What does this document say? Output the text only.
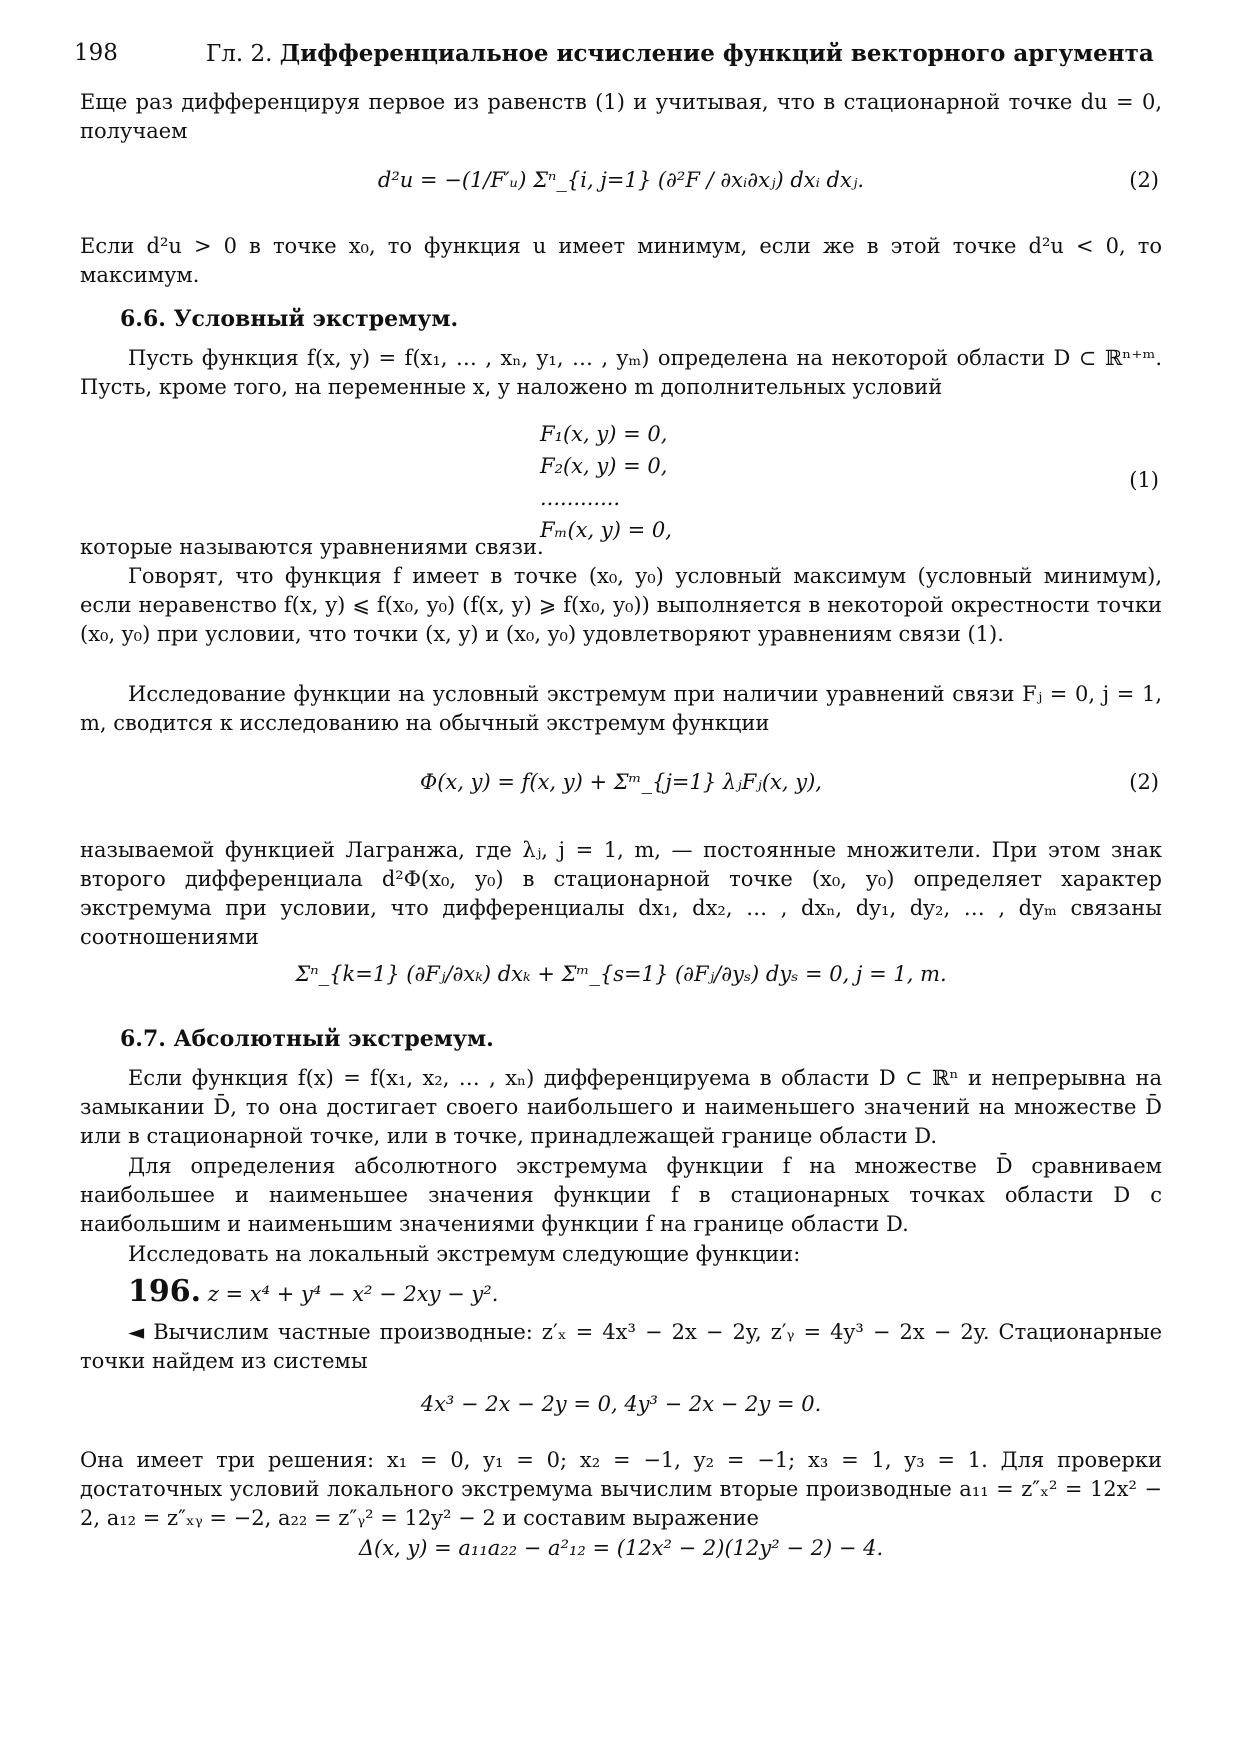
198	Гл. 2. Дифференциальное исчисление функций векторного аргумента
Еще раз дифференцируя первое из равенств (1) и учитывая, что в стационарной точке du = 0, получаем
d²u = −(1/F′ᵤ) Σⁿ_{i, j=1} (∂²F / ∂xᵢ∂xⱼ) dxᵢ dxⱼ.	(2)
Если d²u > 0 в точке x₀, то функция u имеет минимум, если же в этой точке d²u < 0, то максимум.
6.6. Условный экстремум.
Пусть функция f(x, y) = f(x₁, … , xₙ, y₁, … , yₘ) определена на некоторой области D ⊂ ℝⁿ⁺ᵐ. Пусть, кроме того, на переменные x, y наложено m дополнительных условий
F₁(x, y) = 0,
F₂(x, y) = 0,
............
Fₘ(x, y) = 0,
(1)
которые называются уравнениями связи.
Говорят, что функция f имеет в точке (x₀, y₀) условный максимум (условный минимум), если неравенство f(x, y) ⩽ f(x₀, y₀) (f(x, y) ⩾ f(x₀, y₀)) выполняется в некоторой окрестности точки (x₀, y₀) при условии, что точки (x, y) и (x₀, y₀) удовлетворяют уравнениям связи (1).
Исследование функции на условный экстремум при наличии уравнений связи Fⱼ = 0, j = 1, m, сводится к исследованию на обычный экстремум функции
Φ(x, y) = f(x, y) + Σᵐ_{j=1} λⱼFⱼ(x, y),	(2)
называемой функцией Лагранжа, где λⱼ, j = 1, m, — постоянные множители. При этом знак второго дифференциала d²Φ(x₀, y₀) в стационарной точке (x₀, y₀) определяет характер экстремума при условии, что дифференциалы dx₁, dx₂, … , dxₙ, dy₁, dy₂, … , dyₘ связаны соотношениями
Σⁿ_{k=1} (∂Fⱼ/∂xₖ) dxₖ + Σᵐ_{s=1} (∂Fⱼ/∂yₛ) dyₛ = 0, j = 1, m.
6.7. Абсолютный экстремум.
Если функция f(x) = f(x₁, x₂, … , xₙ) дифференцируема в области D ⊂ ℝⁿ и непрерывна на замыкании D̄, то она достигает своего наибольшего и наименьшего значений на множестве D̄ или в стационарной точке, или в точке, принадлежащей границе области D.
Для определения абсолютного экстремума функции f на множестве D̄ сравниваем наибольшее и наименьшее значения функции f в стационарных точках области D с наибольшим и наименьшим значениями функции f на границе области D.
Исследовать на локальный экстремум следующие функции:
196. z = x⁴ + y⁴ − x² − 2xy − y².
◄ Вычислим частные производные: z′ₓ = 4x³ − 2x − 2y, z′ᵧ = 4y³ − 2x − 2y. Стационарные точки найдем из системы
4x³ − 2x − 2y = 0, 4y³ − 2x − 2y = 0.
Она имеет три решения: x₁ = 0, y₁ = 0; x₂ = −1, y₂ = −1; x₃ = 1, y₃ = 1. Для проверки достаточных условий локального экстремума вычислим вторые производные a₁₁ = z″ₓ² = 12x² − 2, a₁₂ = z″ₓᵧ = −2, a₂₂ = z″ᵧ² = 12y² − 2 и составим выражение
Δ(x, y) = a₁₁a₂₂ − a²₁₂ = (12x² − 2)(12y² − 2) − 4.
